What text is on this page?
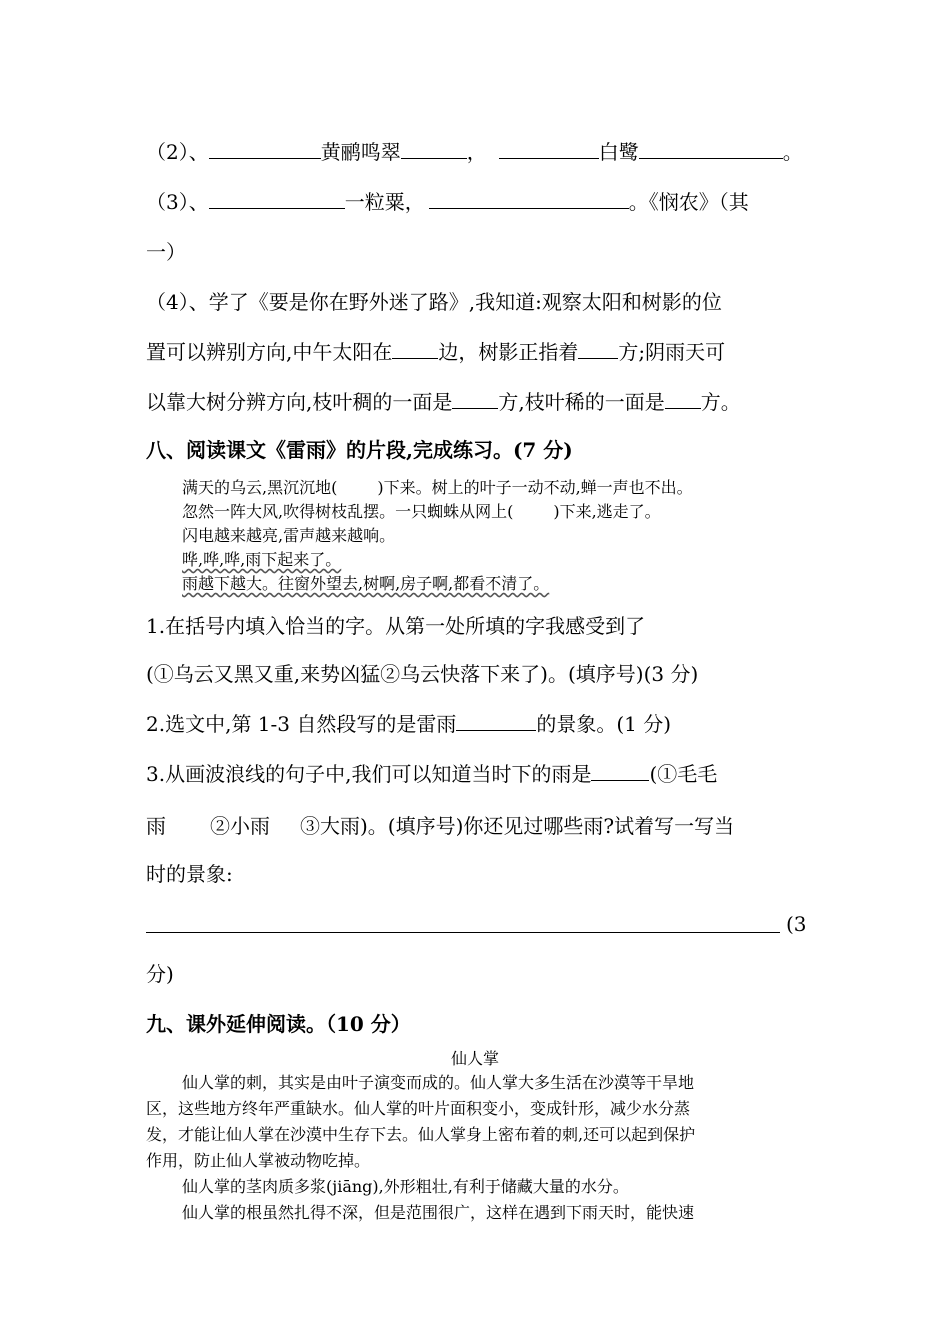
（2）、	黄鹂鸣翠	，	白鹭	。
（3）、	一粒粟，	。《悯农》（其
一）
（4）、学了《要是你在野外迷了路》,我知道:观察太阳和树影的位
置可以辨别方向,中午太阳在 边，树影正指着 方;阴雨天可
以靠大树分辨方向,枝叶稠的一面是 方,枝叶稀的一面是 方。
八、阅读课文《雷雨》的片段,完成练习。(7 分)
满天的乌云,黑沉沉地(	)下来。树上的叶子一动不动,蝉一声也不出。
忽然一阵大风,吹得树枝乱摆。一只蜘蛛从网上(	)下来,逃走了。
闪电越来越亮,雷声越来越响。
哗,哗,哗,雨下起来了。
雨越下越大。往窗外望去,树啊,房子啊,都看不清了。
1.在括号内填入恰当的字。从第一处所填的字我感受到了
(①乌云又黑又重,来势凶猛②乌云快落下来了)。(填序号)(3 分)
2.选文中,第 1-3 自然段写的是雷雨	的景象。(1 分)
3.从画波浪线的句子中,我们可以知道当时下的雨是	(①毛毛
雨 ②小雨 ③大雨)。(填序号)你还见过哪些雨?试着写一写当
时的景象:
(3
分)
九、课外延伸阅读。（10 分）
仙人掌
仙人掌的刺，其实是由叶子演变而成的。仙人掌大多生活在沙漠等干旱地
区，这些地方终年严重缺水。仙人掌的叶片面积变小，变成针形，减少水分蒸
发，才能让仙人掌在沙漠中生存下去。仙人掌身上密布着的刺,还可以起到保护
作用，防止仙人掌被动物吃掉。
仙人掌的茎肉质多浆(jiāng),外形粗壮,有利于储藏大量的水分。
仙人掌的根虽然扎得不深，但是范围很广，这样在遇到下雨天时，能快速
